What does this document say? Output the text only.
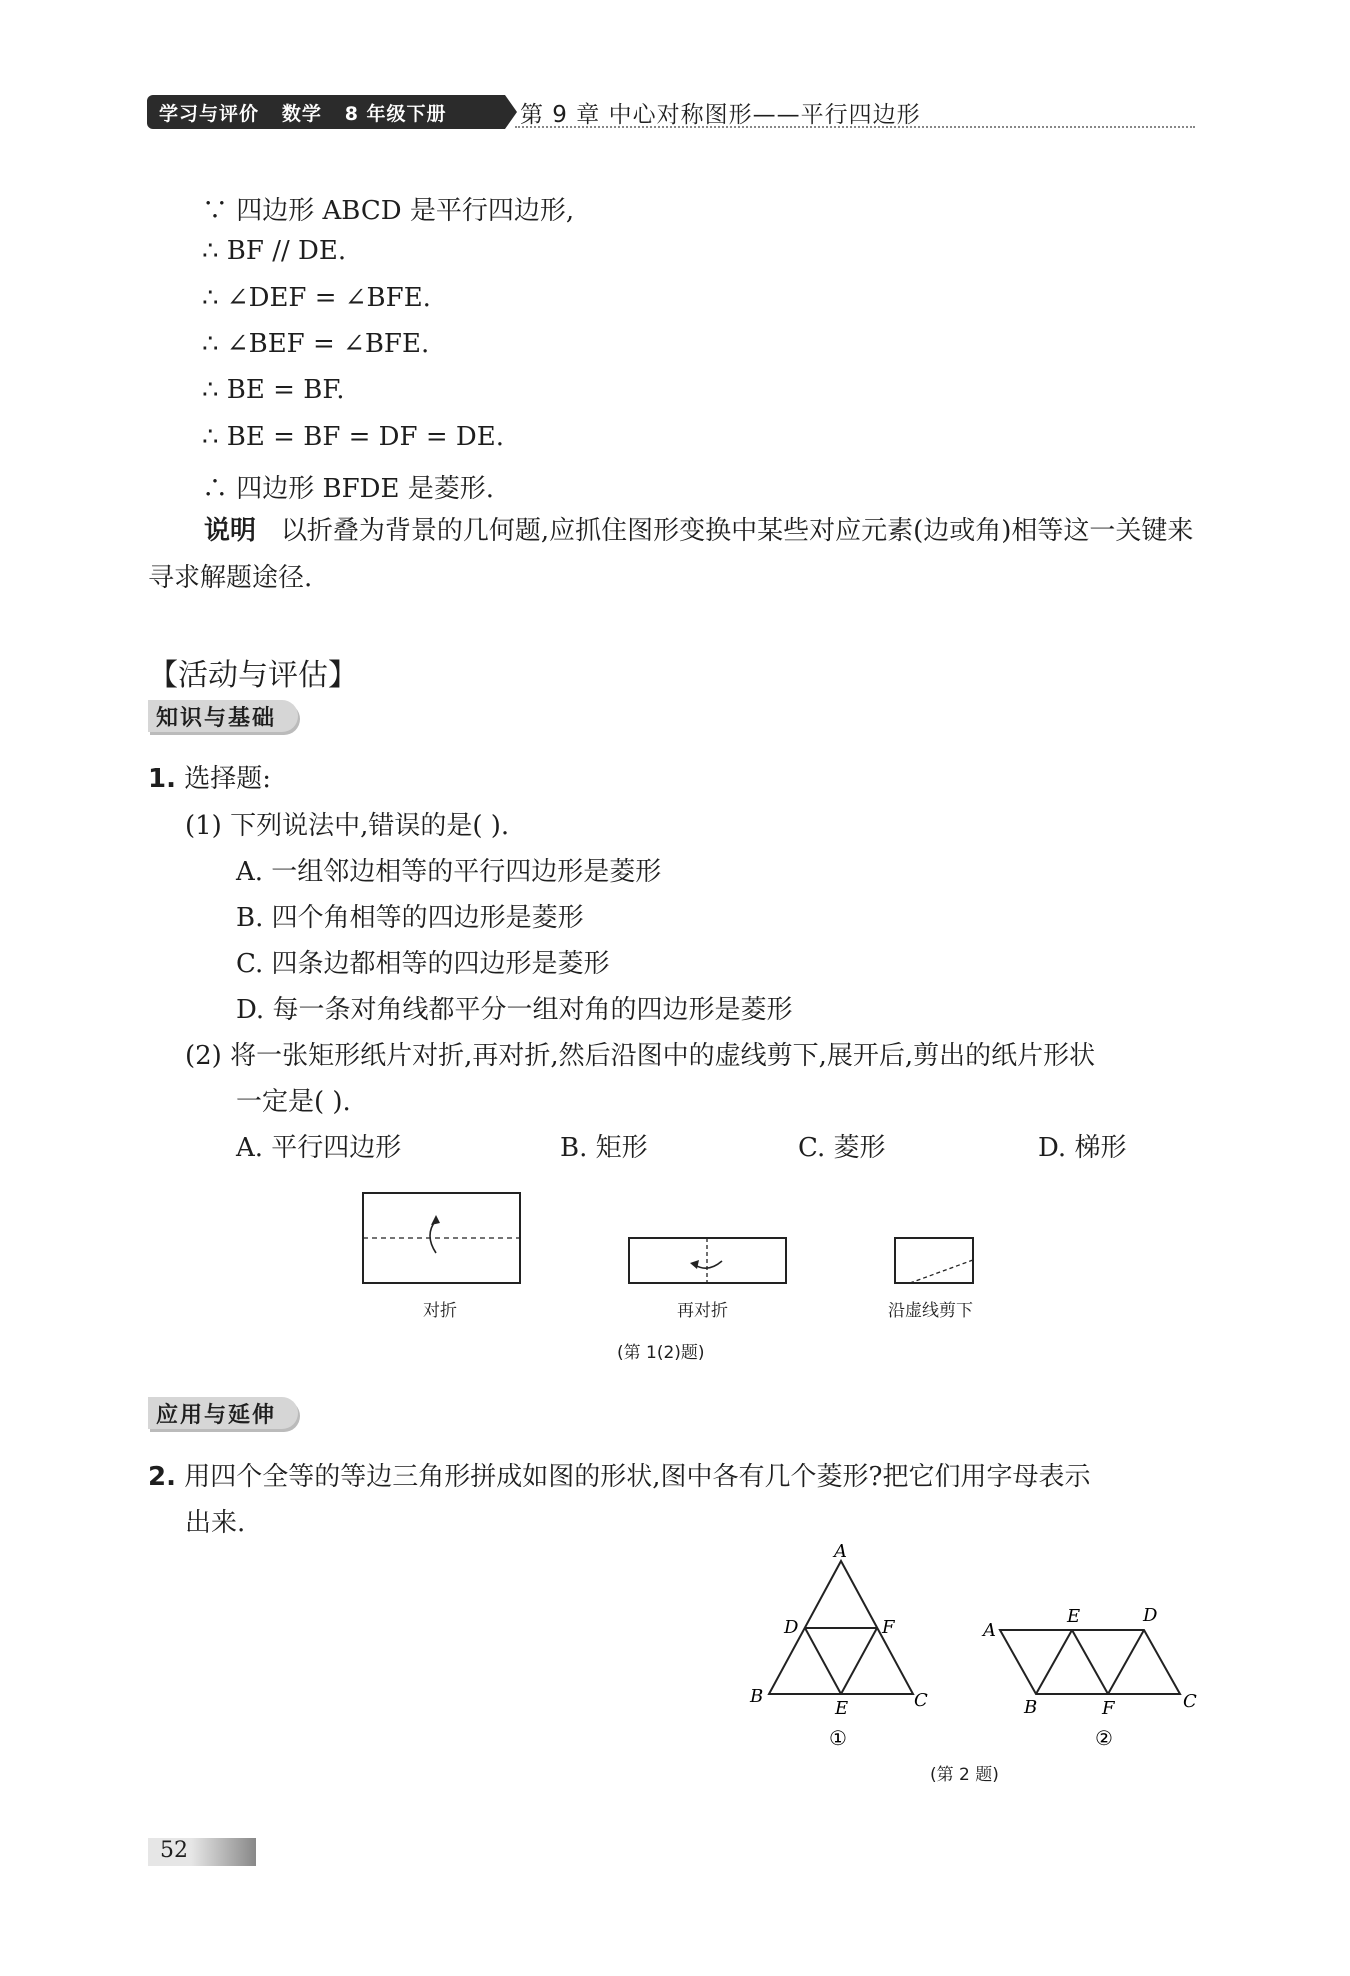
学习与评价   数学   8 年级下册	第 9 章 中心对称图形——平行四边形
∵ 四边形 ABCD 是平行四边形,
∴ BF // DE.
∴ ∠DEF = ∠BFE.
∴ ∠BEF = ∠BFE.
∴ BE = BF.
∴ BE = BF = DF = DE.
∴ 四边形 BFDE 是菱形.
说明 以折叠为背景的几何题,应抓住图形变换中某些对应元素(边或角)相等这一关键来寻求解题途径.
【活动与评估】
知识与基础
1. 选择题:
(1) 下列说法中,错误的是( ).
A. 一组邻边相等的平行四边形是菱形
B. 四个角相等的四边形是菱形
C. 四条边都相等的四边形是菱形
D. 每一条对角线都平分一组对角的四边形是菱形
(2) 将一张矩形纸片对折,再对折,然后沿图中的虚线剪下,展开后,剪出的纸片形状
一定是( ).
A. 平行四边形	B. 矩形	C. 菱形	D. 梯形
对折	再对折	沿虚线剪下
(第 1(2)题)
应用与延伸
2. 用四个全等的等边三角形拼成如图的形状,图中各有几个菱形?把它们用字母表示
出来.
A
D	F
B
E	C
①
A
E	D
B	F	C
②
(第 2 题)
52
